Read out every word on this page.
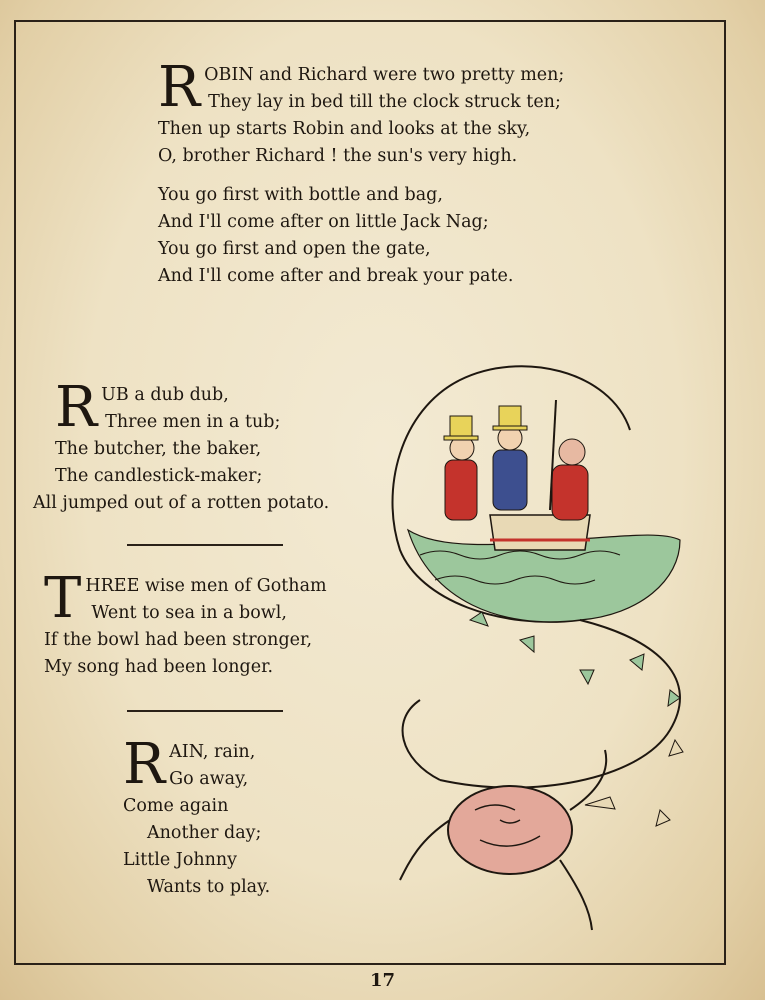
R OBIN and Richard were two pretty men;
They lay in bed till the clock struck ten;
Then up starts Robin and looks at the sky,
O, brother Richard ! the sun's very high.
You go first with bottle and bag,
And I'll come after on little Jack Nag;
You go first and open the gate,
And I'll come after and break your pate.
R UB a dub dub,
Three men in a tub;
The butcher, the baker,
The candlestick-maker;
All jumped out of a rotten potato.
T HREE wise men of Gotham
Went to sea in a bowl,
If the bowl had been stronger,
My song had been longer.
R AIN, rain,
Go away,
Come again
Another day;
Little Johnny
Wants to play.
17
